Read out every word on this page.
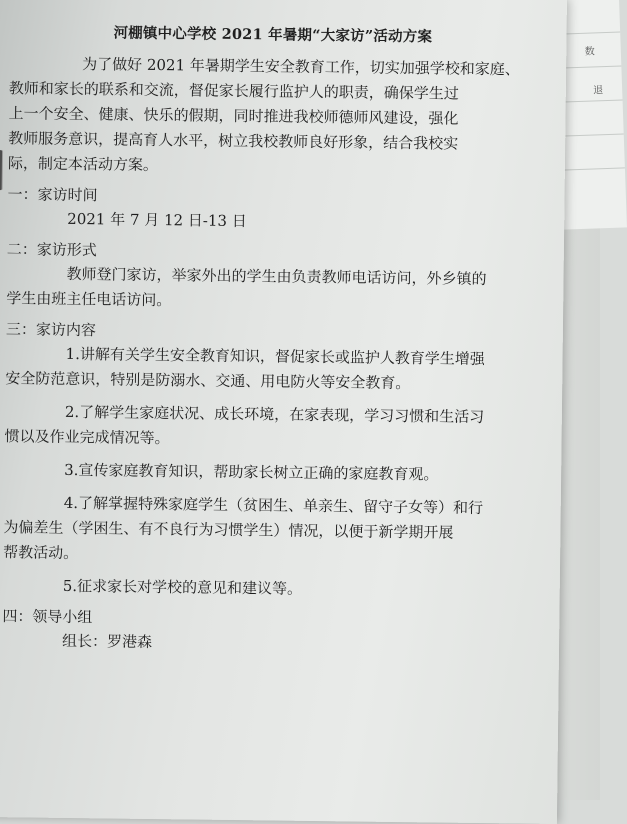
数
退
河棚镇中心学校 2021 年暑期“大家访”活动方案
为了做好 2021 年暑期学生安全教育工作，切实加强学校和家庭、
教师和家长的联系和交流，督促家长履行监护人的职责，确保学生过
上一个安全、健康、快乐的假期，同时推进我校师德师风建设，强化
教师服务意识，提高育人水平，树立我校教师良好形象，结合我校实
际，制定本活动方案。
一：家访时间
2021 年 7 月 12 日-13 日
二：家访形式
教师登门家访，举家外出的学生由负责教师电话访问，外乡镇的
学生由班主任电话访问。
三：家访内容
1.讲解有关学生安全教育知识，督促家长或监护人教育学生增强
安全防范意识，特别是防溺水、交通、用电防火等安全教育。
2.了解学生家庭状况、成长环境，在家表现，学习习惯和生活习
惯以及作业完成情况等。
3.宣传家庭教育知识，帮助家长树立正确的家庭教育观。
4.了解掌握特殊家庭学生（贫困生、单亲生、留守子女等）和行
为偏差生（学困生、有不良行为习惯学生）情况，以便于新学期开展
帮教活动。
5.征求家长对学校的意见和建议等。
四：领导小组
组长：罗港森
